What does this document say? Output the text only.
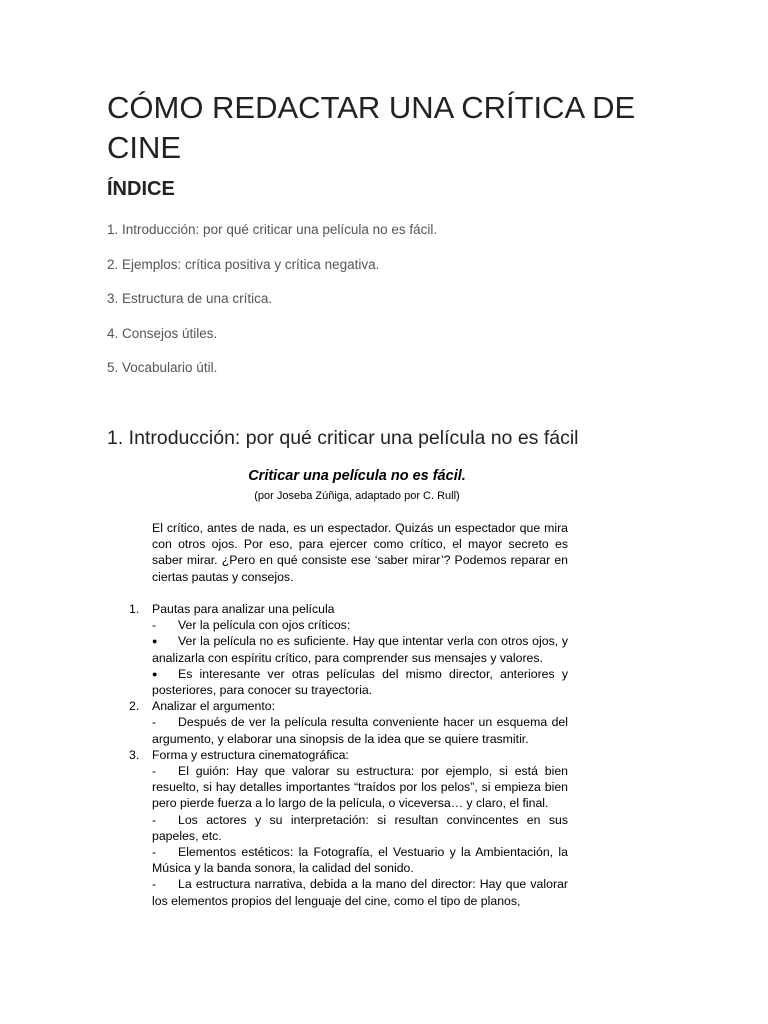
CÓMO REDACTAR UNA CRÍTICA DE CINE
ÍNDICE
1. Introducción: por qué criticar una película no es fácil.
2. Ejemplos: crítica positiva y crítica negativa.
3. Estructura de una crítica.
4. Consejos útiles.
5. Vocabulario útil.
1. Introducción: por qué criticar una película no es fácil

Criticar una película no es fácil.

(por Joseba Zúñiga, adaptado por C. Rull)

El crítico, antes de nada, es un espectador. Quizás un espectador que mira con otros ojos. Por eso, para ejercer como crítico, el mayor secreto es saber mirar. ¿Pero en qué consiste ese ‘saber mirar’? Podemos reparar en ciertas pautas y consejos.

1. Pautas para analizar una película
- Ver la película con ojos críticos:
● Ver la película no es suficiente. Hay que intentar verla con otros ojos, y analizarla con espíritu crítico, para comprender sus mensajes y valores.
● Es interesante ver otras películas del mismo director, anteriores y posteriores, para conocer su trayectoria.
2. Analizar el argumento:
- Después de ver la película resulta conveniente hacer un esquema del argumento, y elaborar una sinopsis de la idea que se quiere trasmitir.
3. Forma y estructura cinematográfica:
- El guión: Hay que valorar su estructura: por ejemplo, si está bien resuelto, si hay detalles importantes “traídos por los pelos”, si empieza bien pero pierde fuerza a lo largo de la película, o viceversa… y claro, el final.
- Los actores y su interpretación: si resultan convincentes en sus papeles, etc.
- Elementos estéticos: la Fotografía, el Vestuario y la Ambientación, la Música y la banda sonora, la calidad del sonido.
- La estructura narrativa, debida a la mano del director: Hay que valorar los elementos propios del lenguaje del cine, como el tipo de planos,
